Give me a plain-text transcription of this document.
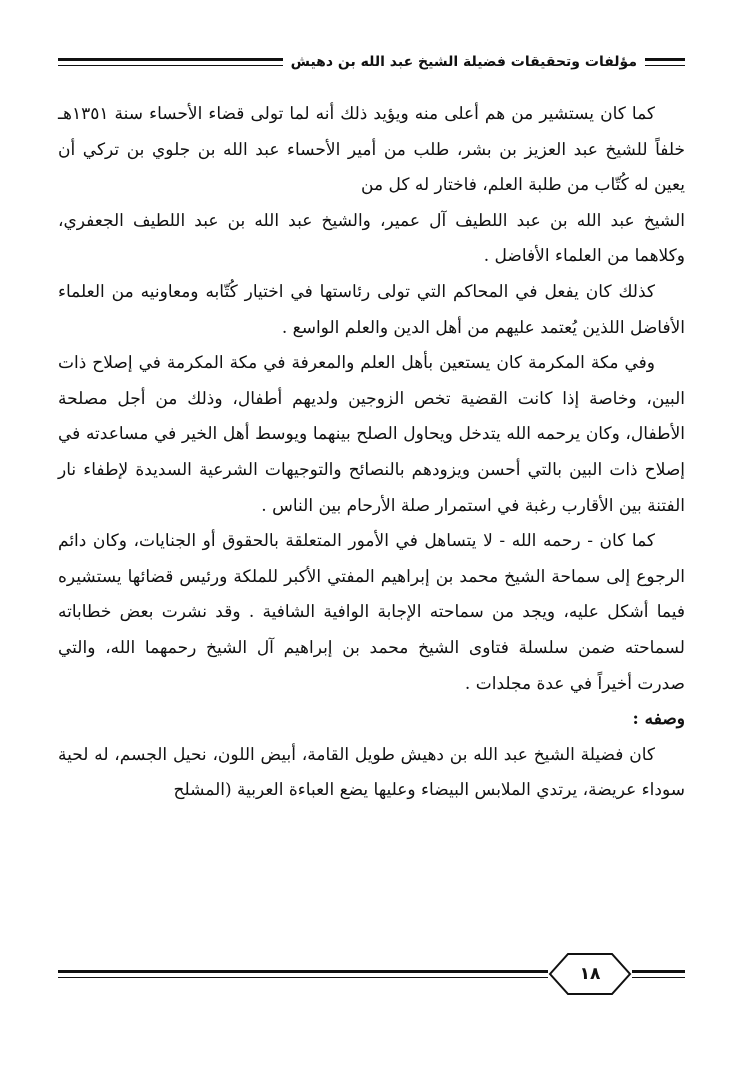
مؤلفات وتحقيقات فضيلة الشيخ عبد الله بن دهيش

كما كان يستشير من هم أعلى منه ويؤيد ذلك أنه لما تولى قضاء الأحساء سنة ١٣٥١هـ خلفاً للشيخ عبد العزيز بن بشر، طلب من أمير الأحساء عبد الله بن جلوي بن تركي أن يعين له كُتّاب من طلبة العلم، فاختار له كل من

الشيخ عبد الله بن عبد اللطيف آل عمير، والشيخ عبد الله بن عبد اللطيف الجعفري، وكلاهما من العلماء الأفاضل .

كذلك كان يفعل في المحاكم التي تولى رئاستها في اختيار كُتّابه ومعاونيه من العلماء الأفاضل اللذين يُعتمد عليهم من أهل الدين والعلم الواسع .

وفي مكة المكرمة كان يستعين بأهل العلم والمعرفة في مكة المكرمة في إصلاح ذات البين، وخاصة إذا كانت القضية تخص الزوجين ولديهم أطفال، وذلك من أجل مصلحة الأطفال، وكان يرحمه الله يتدخل ويحاول الصلح بينهما ويوسط أهل الخير في مساعدته في إصلاح ذات البين بالتي أحسن ويزودهم بالنصائح والتوجيهات الشرعية السديدة لإطفاء نار الفتنة بين الأقارب رغبة في استمرار صلة الأرحام بين الناس .

كما كان - رحمه الله - لا يتساهل في الأمور المتعلقة بالحقوق أو الجنايات، وكان دائم الرجوع إلى سماحة الشيخ محمد بن إبراهيم المفتي الأكبر للملكة ورئيس قضائها يستشيره فيما أشكل عليه، ويجد من سماحته الإجابة الوافية الشافية . وقد نشرت بعض خطاباته لسماحته ضمن سلسلة فتاوى الشيخ محمد بن إبراهيم آل الشيخ رحمهما الله، والتي صدرت أخيراً في عدة مجلدات .

وصفه :

كان فضيلة الشيخ عبد الله بن دهيش طويل القامة، أبيض اللون، نحيل الجسم، له لحية سوداء عريضة، يرتدي الملابس البيضاء وعليها يضع العباءة العربية (المشلح

١٨
